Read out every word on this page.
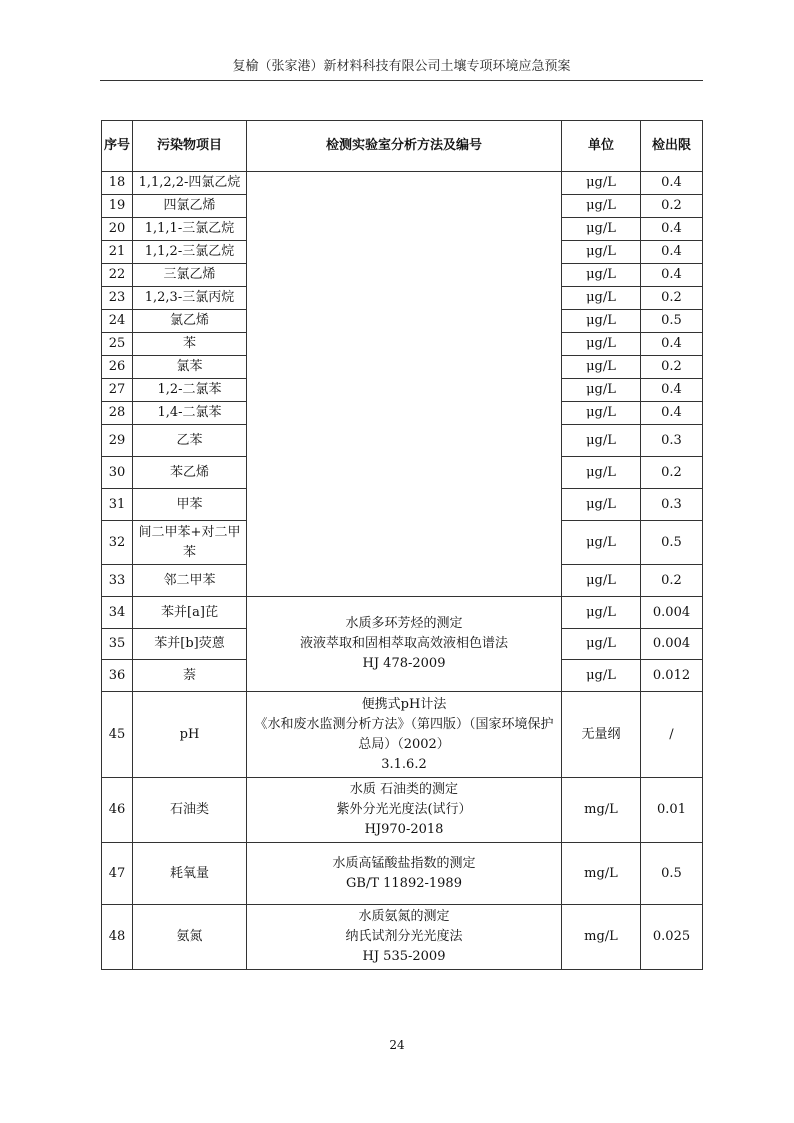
复榆（张家港）新材料科技有限公司土壤专项环境应急预案
序号	污染物项目	检测实验室分析方法及编号	单位	检出限
18	1,1,2,2-四氯乙烷		μg/L	0.4
19	四氯乙烯		μg/L	0.2
20	1,1,1-三氯乙烷		μg/L	0.4
21	1,1,2-三氯乙烷		μg/L	0.4
22	三氯乙烯		μg/L	0.4
23	1,2,3-三氯丙烷		μg/L	0.2
24	氯乙烯		μg/L	0.5
25	苯		μg/L	0.4
26	氯苯		μg/L	0.2
27	1,2-二氯苯		μg/L	0.4
28	1,4-二氯苯		μg/L	0.4
29	乙苯		μg/L	0.3
30	苯乙烯		μg/L	0.2
31	甲苯		μg/L	0.3
32	间二甲苯+对二甲苯		μg/L	0.5
33	邻二甲苯		μg/L	0.2
34	苯并[a]芘	水质多环芳烃的测定
液液萃取和固相萃取高效液相色谱法
HJ 478-2009	μg/L	0.004
35	苯并[b]荧蒽		μg/L	0.004
36	萘		μg/L	0.012
45	pH	便携式pH计法
《水和废水监测分析方法》（第四版）（国家环境保护总局）（2002）
3.1.6.2	无量纲	/
46	石油类	水质 石油类的测定
紫外分光光度法(试行）
HJ970-2018	mg/L	0.01
47	耗氧量	水质高锰酸盐指数的测定
GB/T 11892-1989	mg/L	0.5
48	氨氮	水质氨氮的测定
纳氏试剂分光光度法
HJ 535-2009	mg/L	0.025
24
